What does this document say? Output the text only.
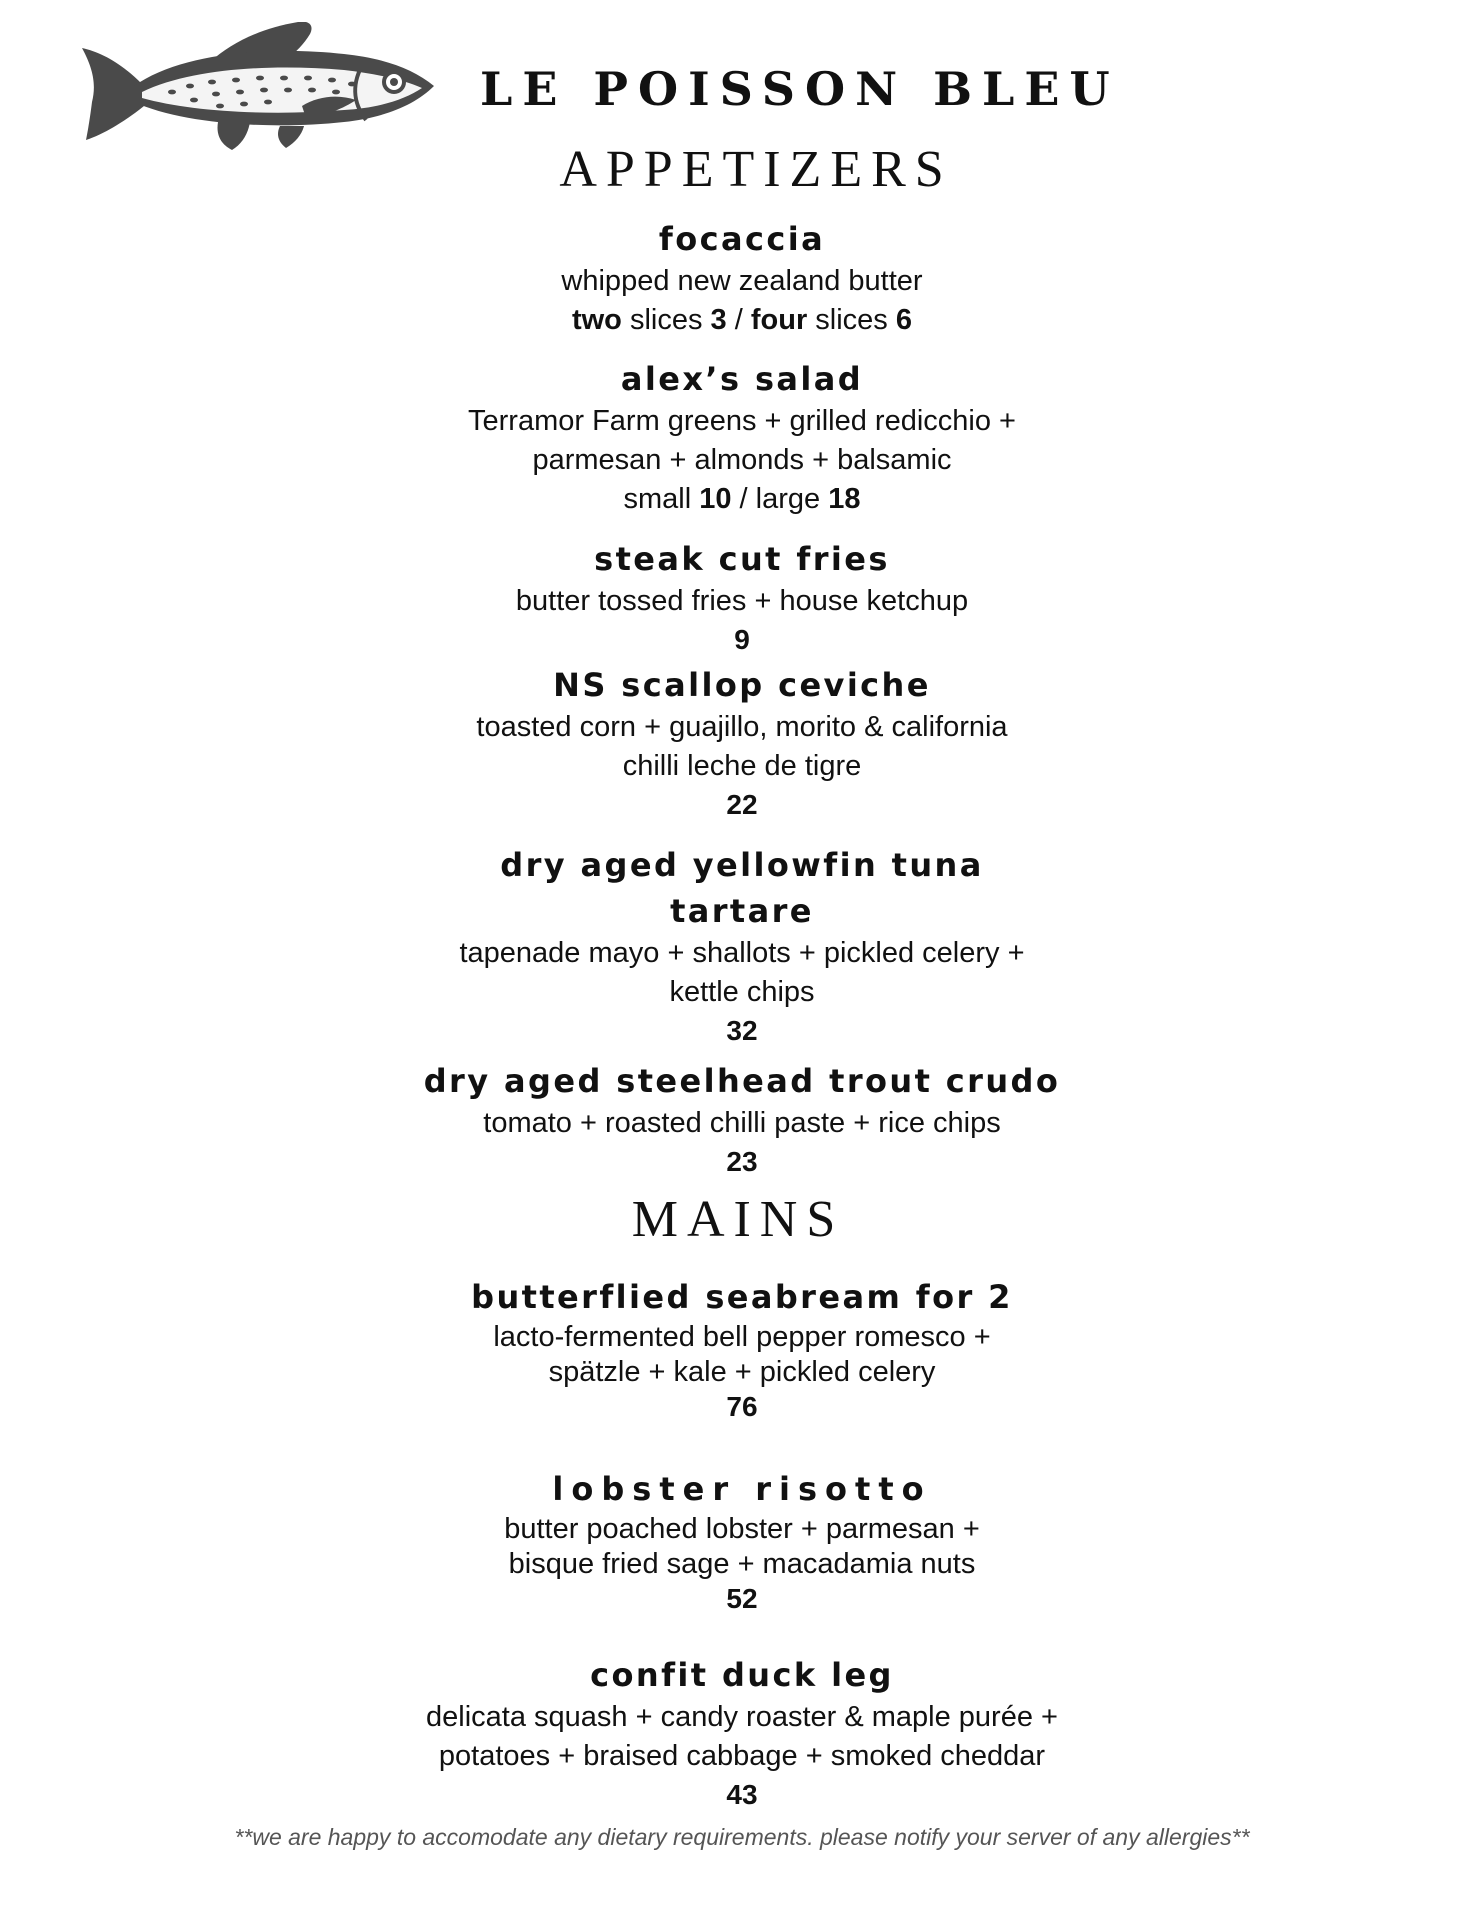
LE POISSON BLEU
APPETIZERS
focaccia
whipped new zealand butter
two slices 3 / four slices 6
alex’s salad
Terramor Farm greens + grilled redicchio +
parmesan + almonds + balsamic
small 10 / large 18
steak cut fries
butter tossed fries + house ketchup
9
NS scallop ceviche
toasted corn + guajillo, morito & california
chilli leche de tigre
22
dry aged yellowfin tuna
tartare
tapenade mayo + shallots + pickled celery +
kettle chips
32
dry aged steelhead trout crudo
tomato + roasted chilli paste + rice chips
23
MAINS
butterflied seabream for 2
lacto-fermented bell pepper romesco +
spätzle + kale + pickled celery
76
lobster risotto
butter poached lobster + parmesan +
bisque fried sage + macadamia nuts
52
confit duck leg
delicata squash + candy roaster & maple purée +
potatoes + braised cabbage + smoked cheddar
43
**we are happy to accomodate any dietary requirements. please notify your server of any allergies**
